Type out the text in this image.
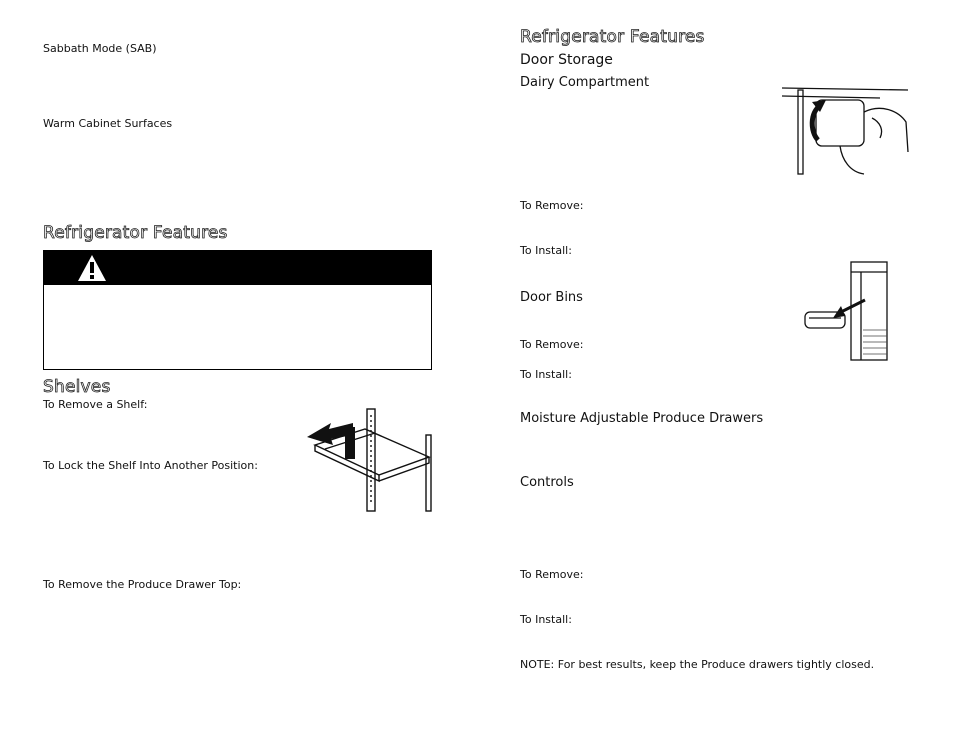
Sabbath Mode (SAB)
Warm Cabinet Surfaces
Refrigerator Features
Shelves
To Remove a Shelf:
To Lock the Shelf Into Another Position:
To Remove the Produce Drawer Top:
Refrigerator Features
Door Storage
Dairy Compartment
To Remove:
To Install:
Door Bins
To Remove:
To Install:
Moisture Adjustable Produce Drawers
Controls
To Remove:
To Install:
NOTE: For best results, keep the Produce drawers tightly closed.
